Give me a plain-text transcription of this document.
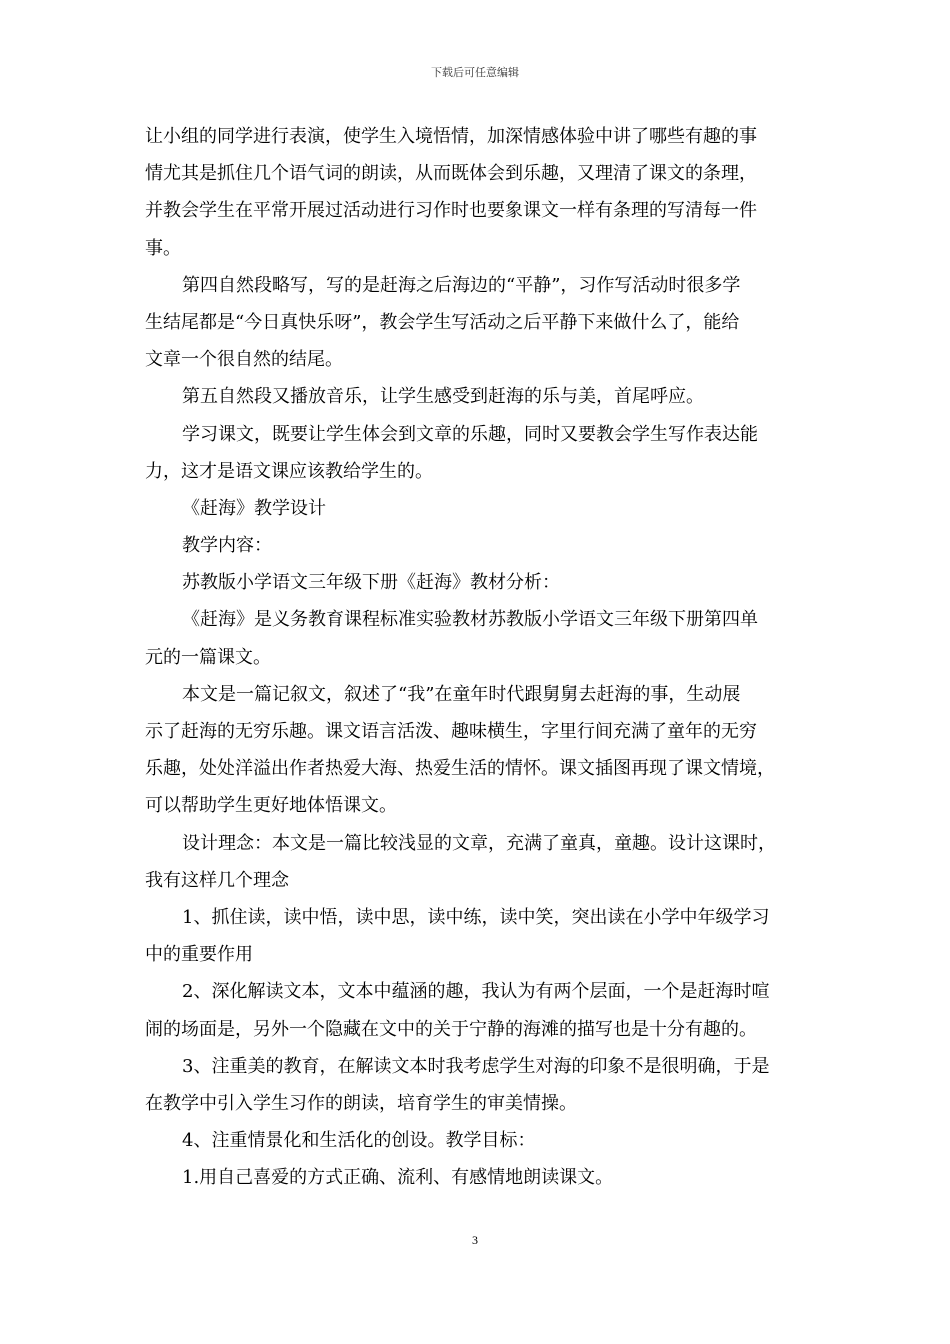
下载后可任意编辑
让小组的同学进行表演，使学生入境悟情，加深情感体验中讲了哪些有趣的事
情尤其是抓住几个语气词的朗读，从而既体会到乐趣，又理清了课文的条理，
并教会学生在平常开展过活动进行习作时也要象课文一样有条理的写清每一件
事。
第四自然段略写，写的是赶海之后海边的“平静”，习作写活动时很多学
生结尾都是“今日真快乐呀”，教会学生写活动之后平静下来做什么了，能给
文章一个很自然的结尾。
第五自然段又播放音乐，让学生感受到赶海的乐与美，首尾呼应。
学习课文，既要让学生体会到文章的乐趣，同时又要教会学生写作表达能
力，这才是语文课应该教给学生的。
《赶海》教学设计
教学内容：
苏教版小学语文三年级下册《赶海》教材分析：
《赶海》是义务教育课程标准实验教材苏教版小学语文三年级下册第四单
元的一篇课文。
本文是一篇记叙文，叙述了“我”在童年时代跟舅舅去赶海的事，生动展
示了赶海的无穷乐趣。课文语言活泼、趣味横生，字里行间充满了童年的无穷
乐趣，处处洋溢出作者热爱大海、热爱生活的情怀。课文插图再现了课文情境，
可以帮助学生更好地体悟课文。
设计理念：本文是一篇比较浅显的文章，充满了童真，童趣。设计这课时，
我有这样几个理念
1、抓住读，读中悟，读中思，读中练，读中笑，突出读在小学中年级学习
中的重要作用
2、深化解读文本，文本中蕴涵的趣，我认为有两个层面，一个是赶海时喧
闹的场面是，另外一个隐藏在文中的关于宁静的海滩的描写也是十分有趣的。
3、注重美的教育，在解读文本时我考虑学生对海的印象不是很明确，于是
在教学中引入学生习作的朗读，培育学生的审美情操。
4、注重情景化和生活化的创设。教学目标：
1.用自己喜爱的方式正确、流利、有感情地朗读课文。
3
